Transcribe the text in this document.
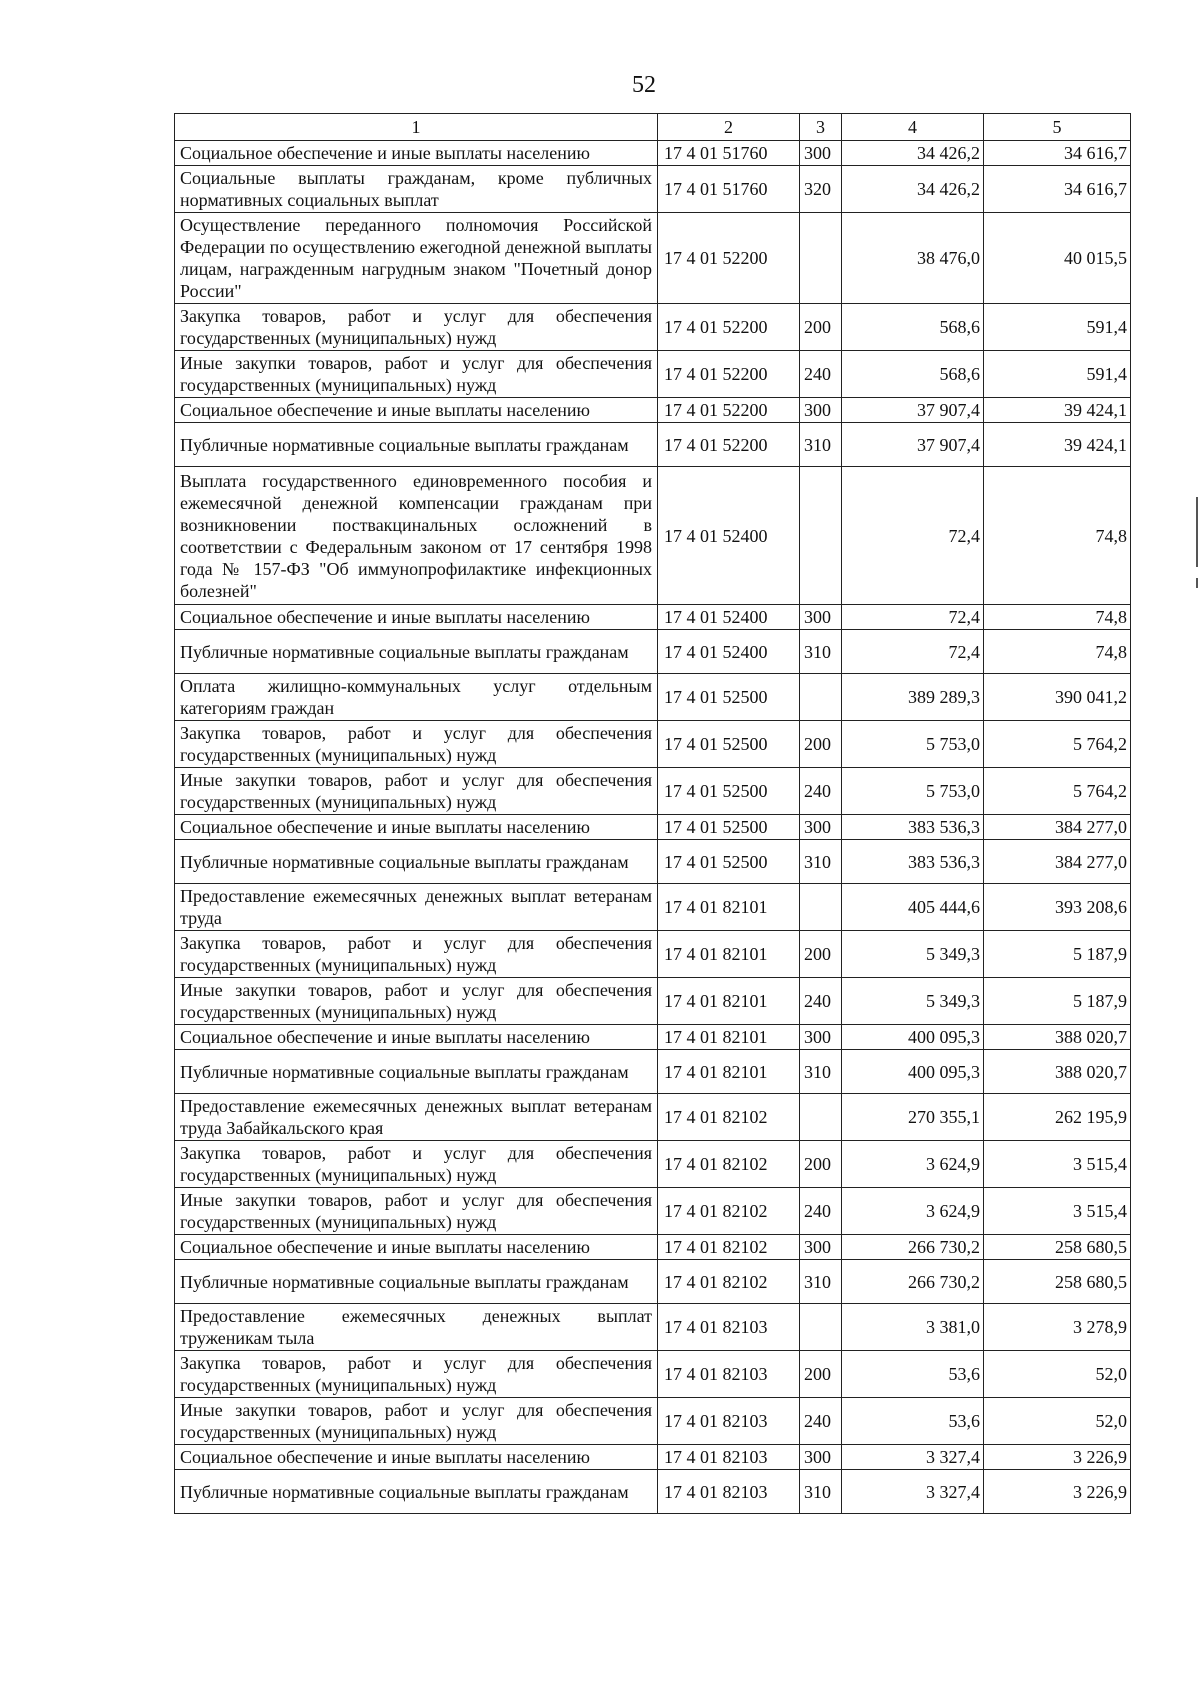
52
1	2	3	4	5
Социальное обеспечение и иные выплаты населению	17 4 01 51760	300	34 426,2	34 616,7
Социальные выплаты гражданам, кроме публичных нормативных социальных выплат	17 4 01 51760	320	34 426,2	34 616,7
Осуществление переданного полномочия Российской Федерации по осуществлению ежегодной денежной выплаты лицам, награжденным нагрудным знаком "Почетный донор России"	17 4 01 52200		38 476,0	40 015,5
Закупка товаров, работ и услуг для обеспечения государственных (муниципальных) нужд	17 4 01 52200	200	568,6	591,4
Иные закупки товаров, работ и услуг для обеспечения государственных (муниципальных) нужд	17 4 01 52200	240	568,6	591,4
Социальное обеспечение и иные выплаты населению	17 4 01 52200	300	37 907,4	39 424,1
Публичные нормативные социальные выплаты гражданам	17 4 01 52200	310	37 907,4	39 424,1
Выплата государственного единовременного пособия и ежемесячной денежной компенсации гражданам при возникновении поствакцинальных осложнений в соответствии с Федеральным законом от 17 сентября 1998 года № 157-ФЗ "Об иммунопрофилактике инфекционных болезней"	17 4 01 52400		72,4	74,8
Социальное обеспечение и иные выплаты населению	17 4 01 52400	300	72,4	74,8
Публичные нормативные социальные выплаты гражданам	17 4 01 52400	310	72,4	74,8
Оплата жилищно-коммунальных услуг отдельным категориям граждан	17 4 01 52500		389 289,3	390 041,2
Закупка товаров, работ и услуг для обеспечения государственных (муниципальных) нужд	17 4 01 52500	200	5 753,0	5 764,2
Иные закупки товаров, работ и услуг для обеспечения государственных (муниципальных) нужд	17 4 01 52500	240	5 753,0	5 764,2
Социальное обеспечение и иные выплаты населению	17 4 01 52500	300	383 536,3	384 277,0
Публичные нормативные социальные выплаты гражданам	17 4 01 52500	310	383 536,3	384 277,0
Предоставление ежемесячных денежных выплат ветеранам труда	17 4 01 82101		405 444,6	393 208,6
Закупка товаров, работ и услуг для обеспечения государственных (муниципальных) нужд	17 4 01 82101	200	5 349,3	5 187,9
Иные закупки товаров, работ и услуг для обеспечения государственных (муниципальных) нужд	17 4 01 82101	240	5 349,3	5 187,9
Социальное обеспечение и иные выплаты населению	17 4 01 82101	300	400 095,3	388 020,7
Публичные нормативные социальные выплаты гражданам	17 4 01 82101	310	400 095,3	388 020,7
Предоставление ежемесячных денежных выплат ветеранам труда Забайкальского края	17 4 01 82102		270 355,1	262 195,9
Закупка товаров, работ и услуг для обеспечения государственных (муниципальных) нужд	17 4 01 82102	200	3 624,9	3 515,4
Иные закупки товаров, работ и услуг для обеспечения государственных (муниципальных) нужд	17 4 01 82102	240	3 624,9	3 515,4
Социальное обеспечение и иные выплаты населению	17 4 01 82102	300	266 730,2	258 680,5
Публичные нормативные социальные выплаты гражданам	17 4 01 82102	310	266 730,2	258 680,5
Предоставление ежемесячных денежных выплат труженикам тыла	17 4 01 82103		3 381,0	3 278,9
Закупка товаров, работ и услуг для обеспечения государственных (муниципальных) нужд	17 4 01 82103	200	53,6	52,0
Иные закупки товаров, работ и услуг для обеспечения государственных (муниципальных) нужд	17 4 01 82103	240	53,6	52,0
Социальное обеспечение и иные выплаты населению	17 4 01 82103	300	3 327,4	3 226,9
Публичные нормативные социальные выплаты гражданам	17 4 01 82103	310	3 327,4	3 226,9
